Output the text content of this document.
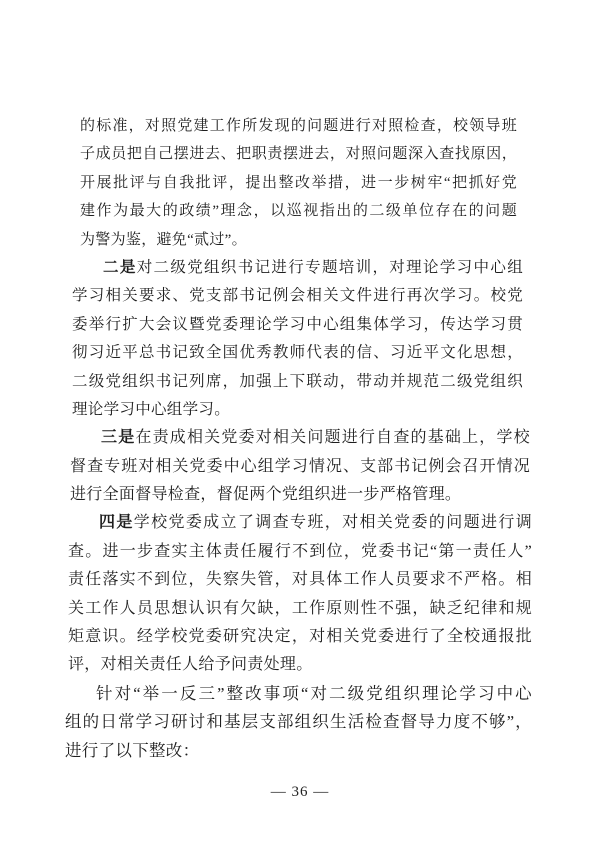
的标准，对照党建工作所发现的问题进行对照检查，校领导班
子成员把自己摆进去、把职责摆进去，对照问题深入查找原因，
开展批评与自我批评，提出整改举措，进一步树牢“把抓好党
建作为最大的政绩”理念，以巡视指出的二级单位存在的问题
为警为鉴，避免“贰过”。
二是对二级党组织书记进行专题培训，对理论学习中心组
学习相关要求、党支部书记例会相关文件进行再次学习。校党
委举行扩大会议暨党委理论学习中心组集体学习，传达学习贯
彻习近平总书记致全国优秀教师代表的信、习近平文化思想，
二级党组织书记列席，加强上下联动，带动并规范二级党组织
理论学习中心组学习。
三是在责成相关党委对相关问题进行自查的基础上，学校
督查专班对相关党委中心组学习情况、支部书记例会召开情况
进行全面督导检查，督促两个党组织进一步严格管理。
四是学校党委成立了调查专班，对相关党委的问题进行调
查。进一步查实主体责任履行不到位，党委书记“第一责任人”
责任落实不到位，失察失管，对具体工作人员要求不严格。相
关工作人员思想认识有欠缺，工作原则性不强，缺乏纪律和规
矩意识。经学校党委研究决定，对相关党委进行了全校通报批
评，对相关责任人给予问责处理。
针对“举一反三”整改事项“对二级党组织理论学习中心
组的日常学习研讨和基层支部组织生活检查督导力度不够”，
进行了以下整改：
— 36 —
